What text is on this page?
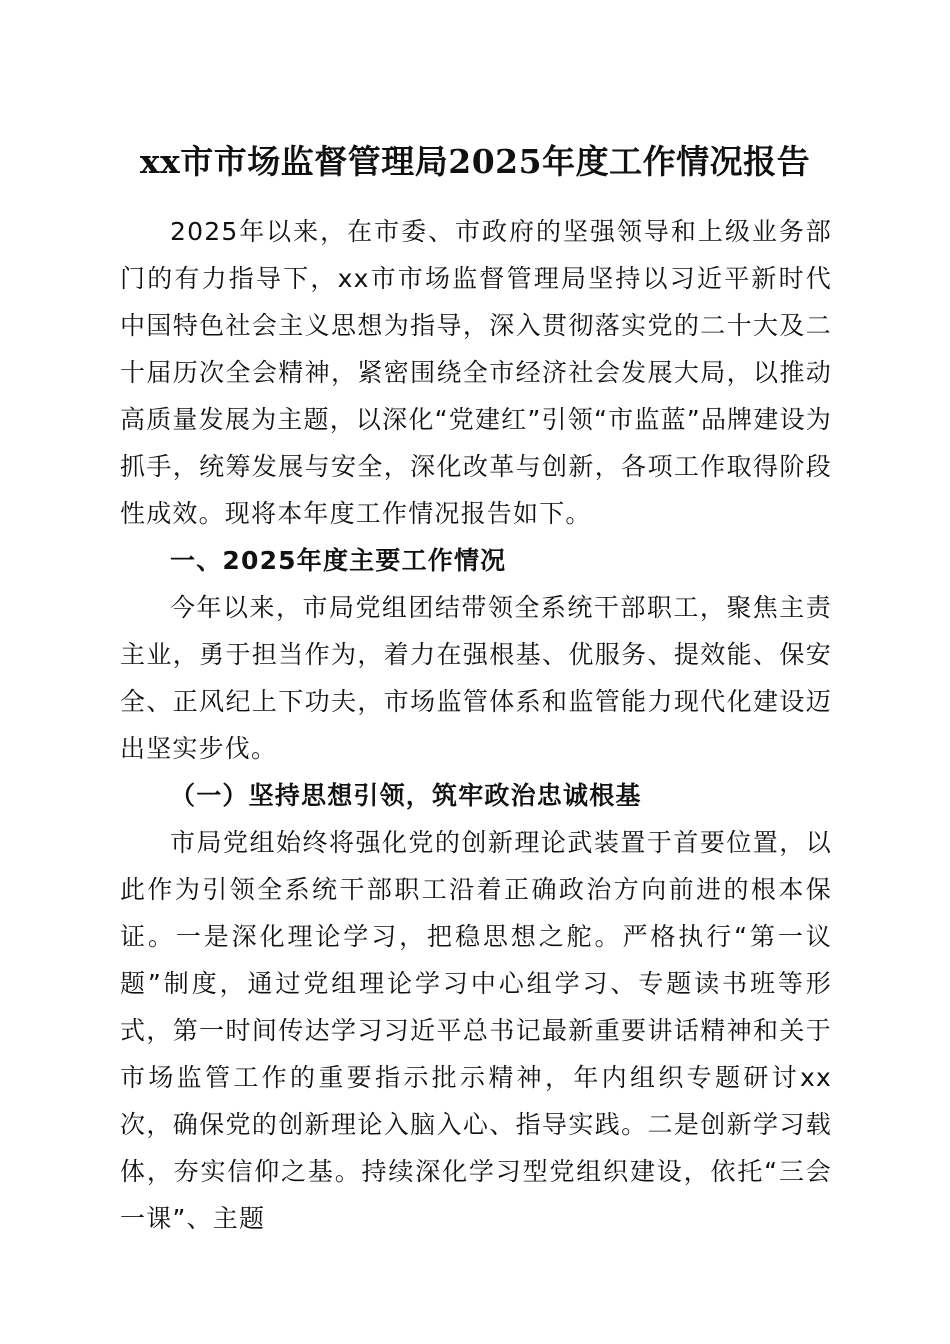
xx市市场监督管理局2025年度工作情况报告

2025年以来，在市委、市政府的坚强领导和上级业务部门的有力指导下，xx市市场监督管理局坚持以习近平新时代中国特色社会主义思想为指导，深入贯彻落实党的二十大及二十届历次全会精神，紧密围绕全市经济社会发展大局，以推动高质量发展为主题，以深化“党建红”引领“市监蓝”品牌建设为抓手，统筹发展与安全，深化改革与创新，各项工作取得阶段性成效。现将本年度工作情况报告如下。

一、2025年度主要工作情况

今年以来，市局党组团结带领全系统干部职工，聚焦主责主业，勇于担当作为，着力在强根基、优服务、提效能、保安全、正风纪上下功夫，市场监管体系和监管能力现代化建设迈出坚实步伐。

（一）坚持思想引领，筑牢政治忠诚根基

市局党组始终将强化党的创新理论武装置于首要位置，以此作为引领全系统干部职工沿着正确政治方向前进的根本保证。一是深化理论学习，把稳思想之舵。严格执行“第一议题”制度，通过党组理论学习中心组学习、专题读书班等形式，第一时间传达学习习近平总书记最新重要讲话精神和关于市场监管工作的重要指示批示精神，年内组织专题研讨xx次，确保党的创新理论入脑入心、指导实践。二是创新学习载体，夯实信仰之基。持续深化学习型党组织建设，依托“三会一课”、主题
